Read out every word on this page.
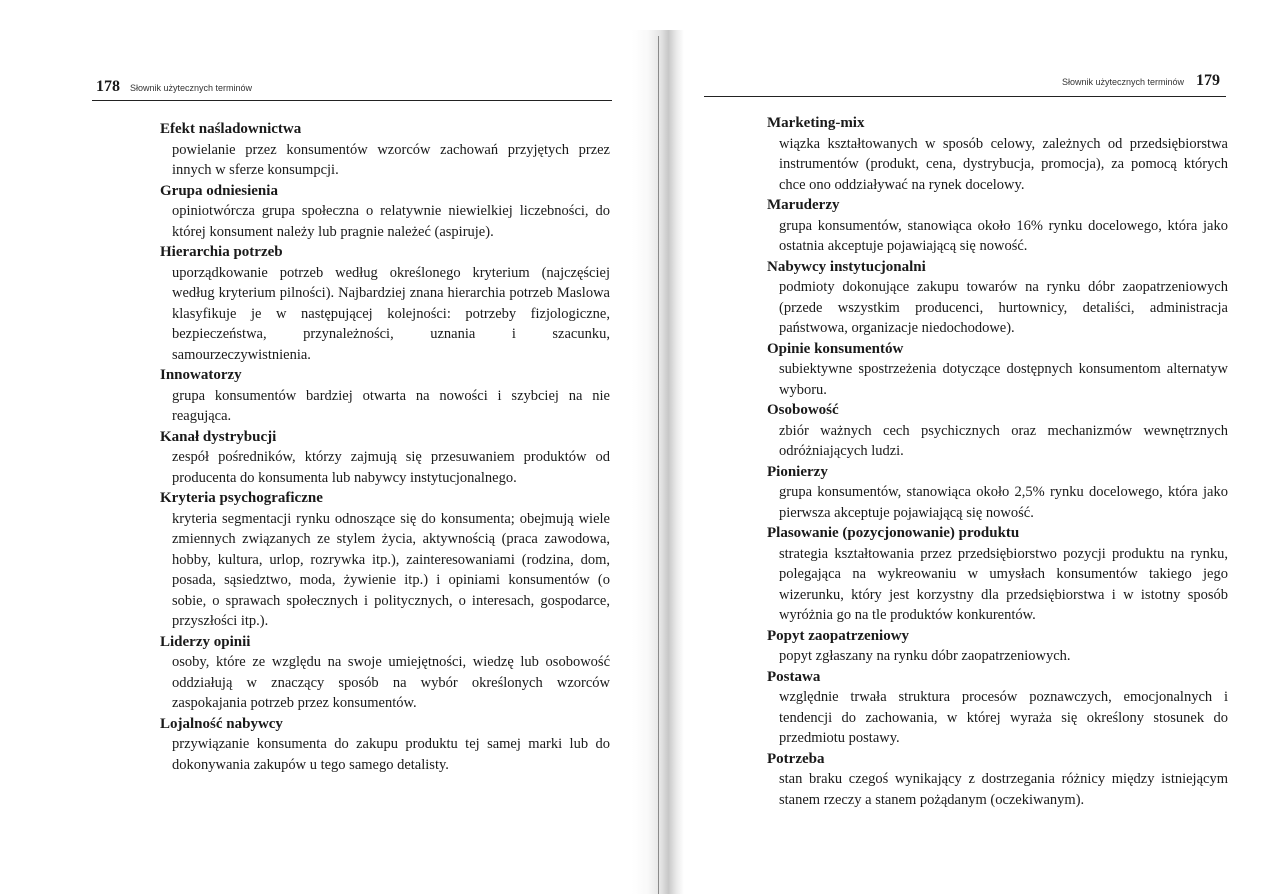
178 Słownik użytecznych terminów
Efekt naśladownictwa
powielanie przez konsumentów wzorców zachowań przyjętych przez innych w sferze konsumpcji.
Grupa odniesienia
opiniotwórcza grupa społeczna o relatywnie niewielkiej liczebności, do której konsument należy lub pragnie należeć (aspiruje).
Hierarchia potrzeb
uporządkowanie potrzeb według określonego kryterium (najczęściej według kryterium pilności). Najbardziej znana hierarchia potrzeb Maslowa klasyfikuje je w następującej kolejności: potrzeby fizjologiczne, bezpieczeństwa, przynależności, uznania i szacunku, samourzeczywistnienia.
Innowatorzy
grupa konsumentów bardziej otwarta na nowości i szybciej na nie reagująca.
Kanał dystrybucji
zespół pośredników, którzy zajmują się przesuwaniem produktów od producenta do konsumenta lub nabywcy instytucjonalnego.
Kryteria psychograficzne
kryteria segmentacji rynku odnoszące się do konsumenta; obejmują wiele zmiennych związanych ze stylem życia, aktywnością (praca zawodowa, hobby, kultura, urlop, rozrywka itp.), zainteresowaniami (rodzina, dom, posada, sąsiedztwo, moda, żywienie itp.) i opiniami konsumentów (o sobie, o sprawach społecznych i politycznych, o interesach, gospodarce, przyszłości itp.).
Liderzy opinii
osoby, które ze względu na swoje umiejętności, wiedzę lub osobowość oddziałują w znaczący sposób na wybór określonych wzorców zaspokajania potrzeb przez konsumentów.
Lojalność nabywcy
przywiązanie konsumenta do zakupu produktu tej samej marki lub do dokonywania zakupów u tego samego detalisty.
Słownik użytecznych terminów 179
Marketing-mix
wiązka kształtowanych w sposób celowy, zależnych od przedsiębiorstwa instrumentów (produkt, cena, dystrybucja, promocja), za pomocą których chce ono oddziaływać na rynek docelowy.
Maruderzy
grupa konsumentów, stanowiąca około 16% rynku docelowego, która jako ostatnia akceptuje pojawiającą się nowość.
Nabywcy instytucjonalni
podmioty dokonujące zakupu towarów na rynku dóbr zaopatrzeniowych (przede wszystkim producenci, hurtownicy, detaliści, administracja państwowa, organizacje niedochodowe).
Opinie konsumentów
subiektywne spostrzeżenia dotyczące dostępnych konsumentom alternatyw wyboru.
Osobowość
zbiór ważnych cech psychicznych oraz mechanizmów wewnętrznych odróżniających ludzi.
Pionierzy
grupa konsumentów, stanowiąca około 2,5% rynku docelowego, która jako pierwsza akceptuje pojawiającą się nowość.
Plasowanie (pozycjonowanie) produktu
strategia kształtowania przez przedsiębiorstwo pozycji produktu na rynku, polegająca na wykreowaniu w umysłach konsumentów takiego jego wizerunku, który jest korzystny dla przedsiębiorstwa i w istotny sposób wyróżnia go na tle produktów konkurentów.
Popyt zaopatrzeniowy
popyt zgłaszany na rynku dóbr zaopatrzeniowych.
Postawa
względnie trwała struktura procesów poznawczych, emocjonalnych i tendencji do zachowania, w której wyraża się określony stosunek do przedmiotu postawy.
Potrzeba
stan braku czegoś wynikający z dostrzegania różnicy między istniejącym stanem rzeczy a stanem pożądanym (oczekiwanym).
